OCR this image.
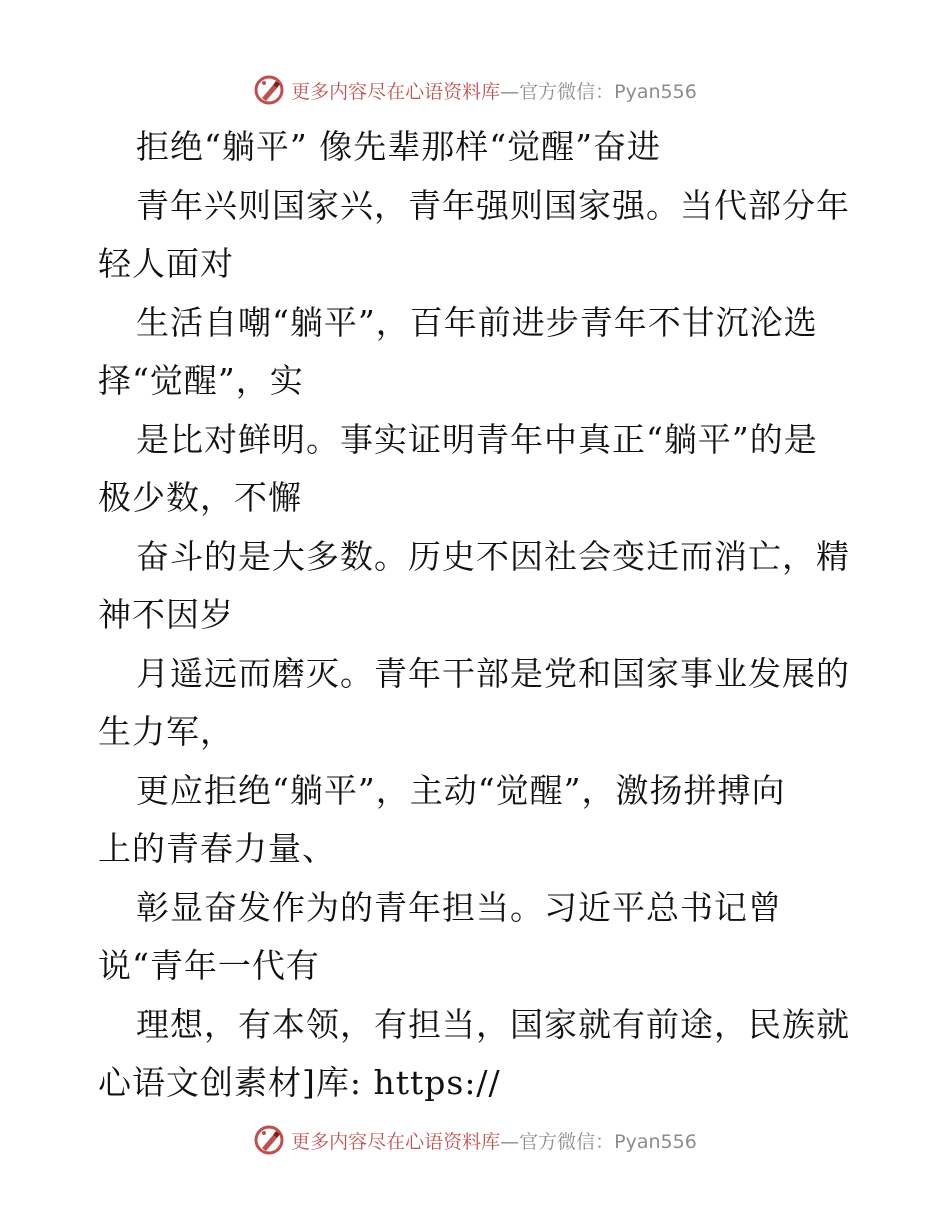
更多内容尽在心语资料库 —官方微信：Pyan556
拒绝“躺平” 像先辈那样“觉醒”奋进
青年兴则国家兴，青年强则国家强。当代部分年
轻人面对
生活自嘲“躺平”，百年前进步青年不甘沉沦选
择“觉醒”，实
是比对鲜明。事实证明青年中真正“躺平”的是
极少数，不懈
奋斗的是大多数。历史不因社会变迁而消亡，精
神不因岁
月遥远而磨灭。青年干部是党和国家事业发展的
生力军，
更应拒绝“躺平”，主动“觉醒”，激扬拼搏向
上的青春力量、
彰显奋发作为的青年担当。习近平总书记曾
说“青年一代有
理想，有本领，有担当，国家就有前途，民族就
心语文创素材]库: https://
更多内容尽在心语资料库 —官方微信：Pyan556
